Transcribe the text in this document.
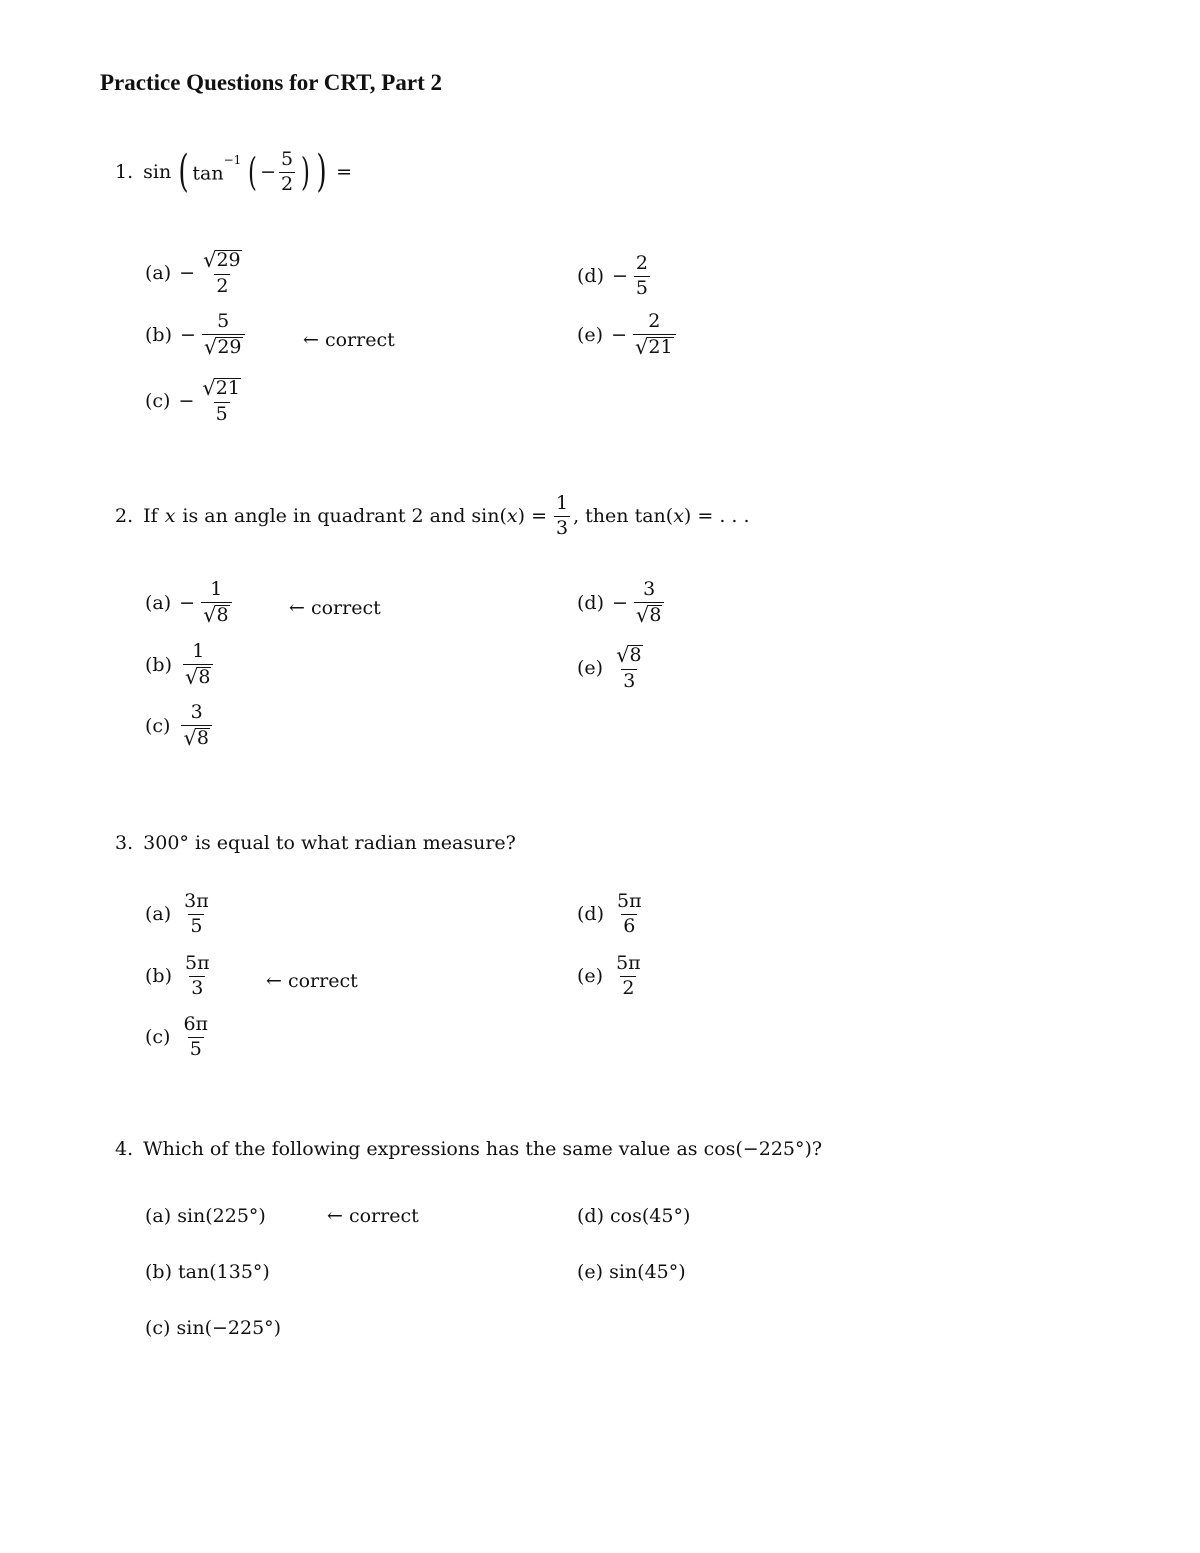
Practice Questions for CRT, Part 2
1. sin ( $\tan^{-1}$ ( − $\frac{5}{2}$ ) ) =
$(a) - \frac{√ 29}{2}$
$(b) - \frac{5}{√ 29}$	← correct
$(c) - \frac{√ 21}{5}$
$(d) - \frac{2}{5}$
$(e) - \frac{2}{√ 21}$
2. If x is an angle in quadrant 2 and sin( x ) = $\frac{1}{3}$ , then tan( x ) = . . .
$(a) - \frac{1}{√ 8}$	← correct
$(b) \frac{1}{√ 8}$
$(c) \frac{3}{√ 8}$
$(d) - \frac{3}{√ 8}$
$(e) \frac{√ 8}{3}$
3. 300° is equal to what radian measure?
$(a) \frac{3\pi}{5}$
$(b) \frac{5\pi}{3}$	← correct
$(c) \frac{6\pi}{5}$
$(d) \frac{5\pi}{6}$
$(e) \frac{5\pi}{2}$
4. Which of the following expressions has the same value as cos(−225°)?
(a) sin(225°)	← correct
(b) tan(135°)
(c) sin(−225°)
(d) cos(45°)
(e) sin(45°)
